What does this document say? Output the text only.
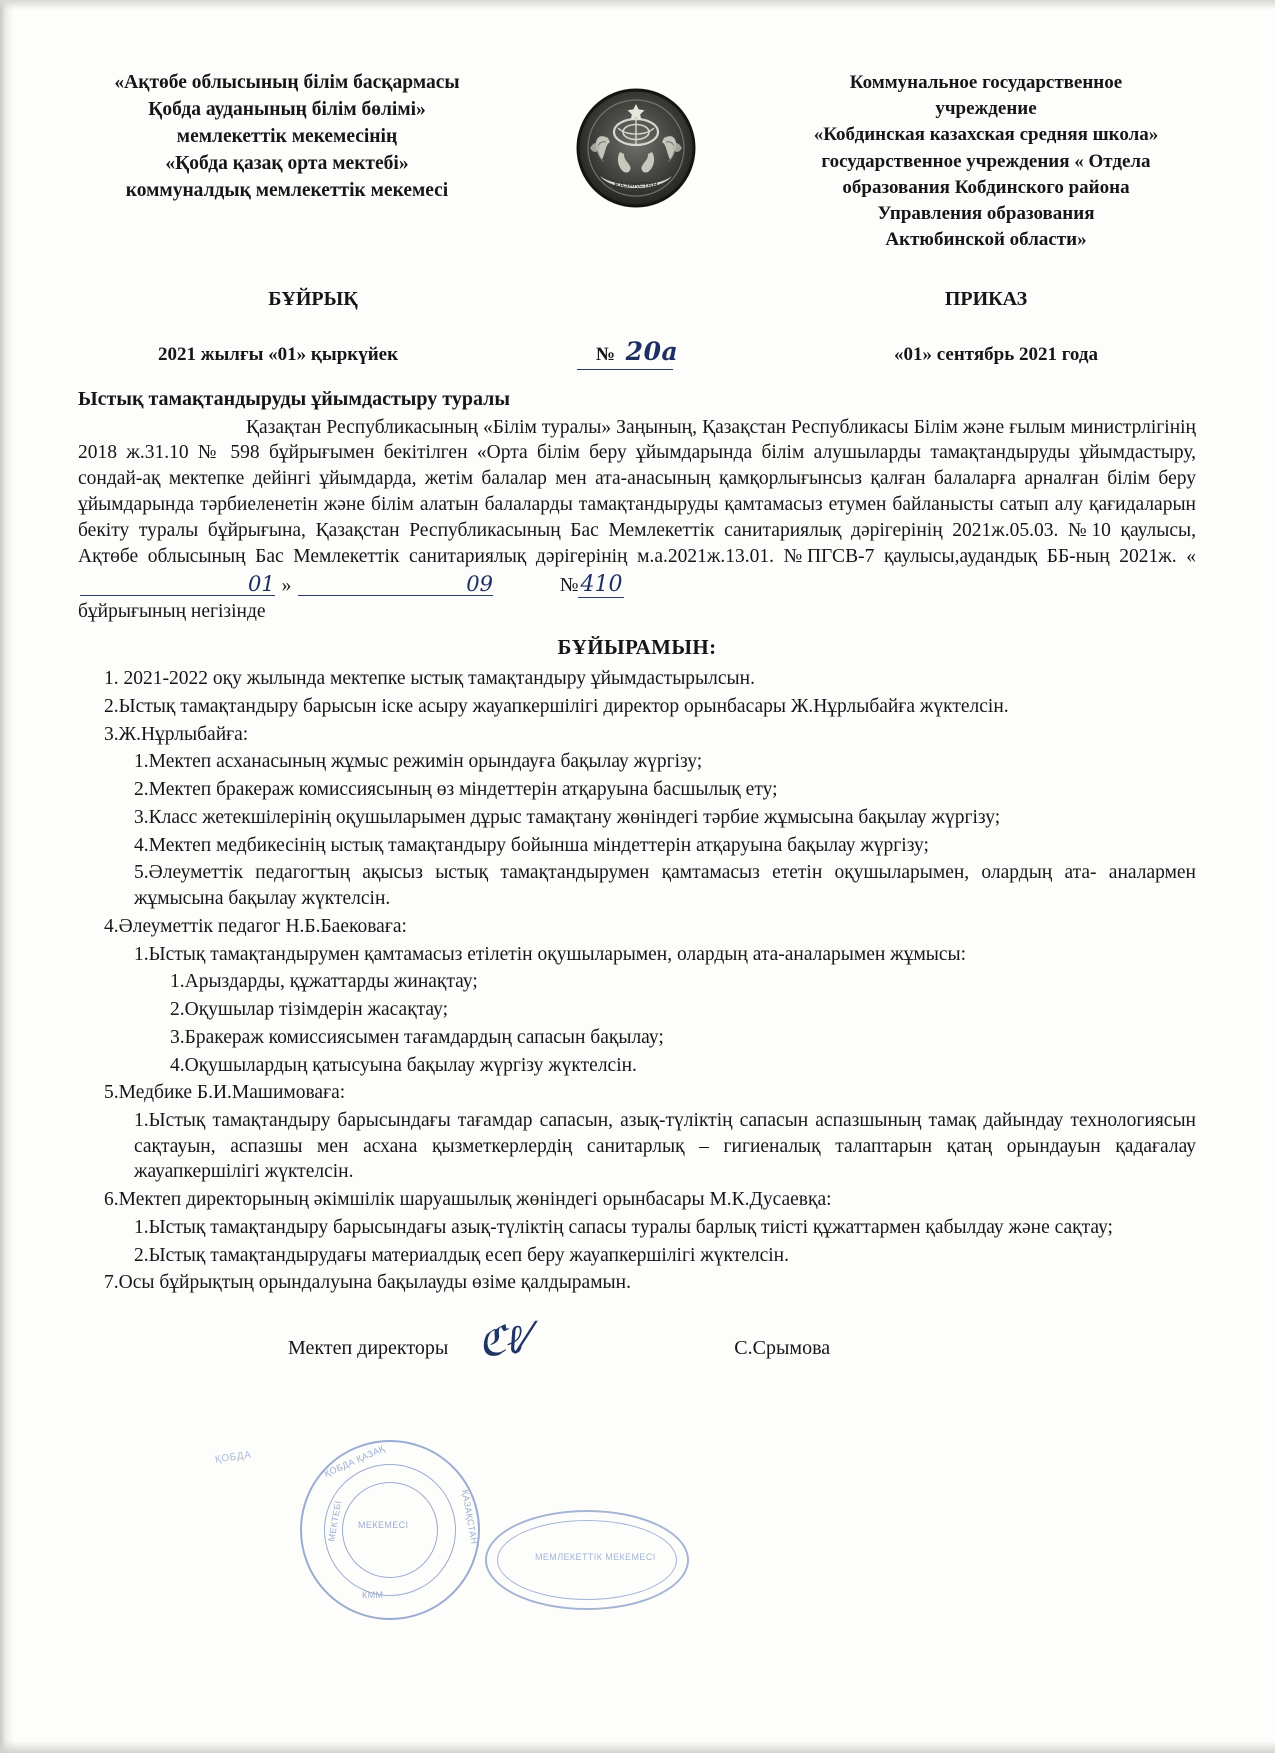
«Ақтөбе облысының білім басқармасы
Қобда ауданының білім бөлімі»
мемлекеттік мекемесінің
«Қобда қазақ орта мектебі»
коммуналдық мемлекеттік мекемесі	ҚАЗАҚСТАН
Коммунальное государственное
учреждение
«Кобдинская казахская средняя школа»
государственное учреждения « Отдела
образования Кобдинского района
Управления образования
Актюбинской области»
БҰЙРЫҚ	ПРИКАЗ
2021 жылғы «01» қыркүйек	№ 20а	«01» сентябрь 2021 года
Ыстық тамақтандыруды ұйымдастыру туралы
Қазақтан Республикасының «Білім туралы» Заңының, Қазақстан Республикасы Білім және ғылым министрлігінің 2018 ж.31.10 № 598 бұйрығымен бекітілген «Орта білім беру ұйымдарында білім алушыларды тамақтандыруды ұйымдастыру, сондай-ақ мектепке дейінгі ұйымдарда, жетім балалар мен ата-анасының қамқорлығынсыз қалған балаларға арналған білім беру ұйымдарында тәрбиеленетін және білім алатын балаларды тамақтандыруды қамтамасыз етумен байланысты сатып алу қағидаларын бекіту туралы бұйрығына, Қазақстан Республикасының Бас Мемлекеттік санитариялық дәрігерінің 2021ж.05.03. №10 қаулысы, Ақтөбе облысының Бас Мемлекеттік санитариялық дәрігерінің м.а.2021ж.13.01. №ПГСВ-7 қаулысы,аудандық ББ-ның 2021ж. « 01 »	09	№410
бұйрығының негізінде
БҰЙЫРАМЫН:
1. 2021-2022 оқу жылында мектепке ыстық тамақтандыру ұйымдастырылсын.
2.Ыстық тамақтандыру барысын іске асыру жауапкершілігі директор орынбасары Ж.Нұрлыбайға жүктелсін.
3.Ж.Нұрлыбайға:
1.Мектеп асханасының жұмыс режимін орындауға бақылау жүргізу;
2.Мектеп бракераж комиссиясының өз міндеттерін атқаруына басшылық ету;
3.Класс жетекшілерінің оқушыларымен дұрыс тамақтану жөніндегі тәрбие жұмысына бақылау жүргізу;
4.Мектеп медбикесінің ыстық тамақтандыру бойынша міндеттерін атқаруына бақылау жүргізу;
5.Әлеуметтік педагогтың ақысыз ыстық тамақтандырумен қамтамасыз ететін оқушыларымен, олардың ата- аналармен жұмысына бақылау жүктелсін.
4.Әлеуметтік педагог Н.Б.Баековаға:
1.Ыстық тамақтандырумен қамтамасыз етілетін оқушыларымен, олардың ата-аналарымен жұмысы:
1.Арыздарды, құжаттарды жинақтау;
2.Оқушылар тізімдерін жасақтау;
3.Бракераж комиссиясымен тағамдардың сапасын бақылау;
4.Оқушылардың қатысуына бақылау жүргізу жүктелсін.
5.Медбике Б.И.Машимоваға:
1.Ыстық тамақтандыру барысындағы тағамдар сапасын, азық-түліктің сапасын аспазшының тамақ дайындау технологиясын сақтауын, аспазшы мен асхана қызметкерлердің санитарлық – гигиеналық талаптарын қатаң орындауын қадағалау жауапкершілігі жүктелсін.
6.Мектеп директорының әкімшілік шаруашылық жөніндегі орынбасары М.К.Дусаевқа:
1.Ыстық тамақтандыру барысындағы азық-түліктің сапасы туралы барлық тиісті құжаттармен қабылдау және сақтау;
2.Ыстық тамақтандырудағы материалдық есеп беру жауапкершілігі жүктелсін.
7.Осы бұйрықтың орындалуына бақылауды өзіме қалдырамын.
Мектеп директоры ℭℓ⁄	С.Срымова
ҚОБДА ҚАЗАҚ
КММ
МЕКТЕБІ	ҚАЗАҚСТАН
МЕКЕМЕСІ
МЕМЛЕКЕТТІК МЕКЕМЕСІ
ҚОБДА
